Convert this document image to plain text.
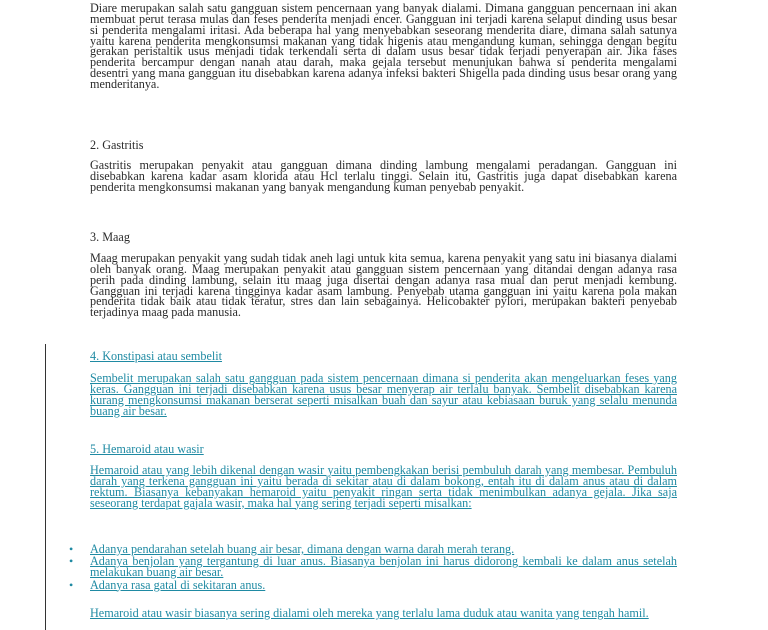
Diare merupakan salah satu gangguan sistem pencernaan yang banyak dialami. Dimana gangguan pencernaan ini akan membuat perut terasa mulas dan feses penderita menjadi encer. Gangguan ini terjadi karena selaput dinding usus besar si penderita mengalami iritasi. Ada beberapa hal yang menyebabkan seseorang menderita diare, dimana salah satunya yaitu karena penderita mengkonsumsi makanan yang tidak higenis atau mengandung kuman, sehingga dengan begitu gerakan peristaltik usus menjadi tidak terkendali serta di dalam usus besar tidak terjadi penyerapan air. Jika fases penderita bercampur dengan nanah atau darah, maka gejala tersebut menunjukan bahwa si penderita mengalami desentri yang mana gangguan itu disebabkan karena adanya infeksi bakteri Shigella pada dinding usus besar orang yang menderitanya.

2. Gastritis

Gastritis merupakan penyakit atau gangguan dimana dinding lambung mengalami peradangan. Gangguan ini disebabkan karena kadar asam klorida atau Hcl terlalu tinggi. Selain itu, Gastritis juga dapat disebabkan karena penderita mengkonsumsi makanan yang banyak mengandung kuman penyebab penyakit.

3. Maag

Maag merupakan penyakit yang sudah tidak aneh lagi untuk kita semua, karena penyakit yang satu ini biasanya dialami oleh banyak orang. Maag merupakan penyakit atau gangguan sistem pencernaan yang ditandai dengan adanya rasa perih pada dinding lambung, selain itu maag juga disertai dengan adanya rasa mual dan perut menjadi kembung. Gangguan ini terjadi karena tingginya kadar asam lambung. Penyebab utama gangguan ini yaitu karena pola makan penderita tidak baik atau tidak teratur, stres dan lain sebagainya. Helicobakter pylori, merupakan bakteri penyebab terjadinya maag pada manusia.

4. Konstipasi atau sembelit

Sembelit merupakan salah satu gangguan pada sistem pencernaan dimana si penderita akan mengeluarkan feses yang keras. Gangguan ini terjadi disebabkan karena usus besar menyerap air terlalu banyak. Sembelit disebabkan karena kurang mengkonsumsi makanan berserat seperti misalkan buah dan sayur atau kebiasaan buruk yang selalu menunda buang air besar.

5. Hemaroid atau wasir

Hemaroid atau yang lebih dikenal dengan wasir yaitu pembengkakan berisi pembuluh darah yang membesar. Pembuluh darah yang terkena gangguan ini yaitu berada di sekitar atau di dalam bokong, entah itu di dalam anus atau di dalam rektum. Biasanya kebanyakan hemaroid yaitu penyakit ringan serta tidak menimbulkan adanya gejala. Jika saja seseorang terdapat gajala wasir, maka hal yang sering terjadi seperti misalkan:

• Adanya pendarahan setelah buang air besar, dimana dengan warna darah merah terang.
• Adanya benjolan yang tergantung di luar anus. Biasanya benjolan ini harus didorong kembali ke dalam anus setelah melakukan buang air besar.
• Adanya rasa gatal di sekitaran anus.

Hemaroid atau wasir biasanya sering dialami oleh mereka yang terlalu lama duduk atau wanita yang tengah hamil.
